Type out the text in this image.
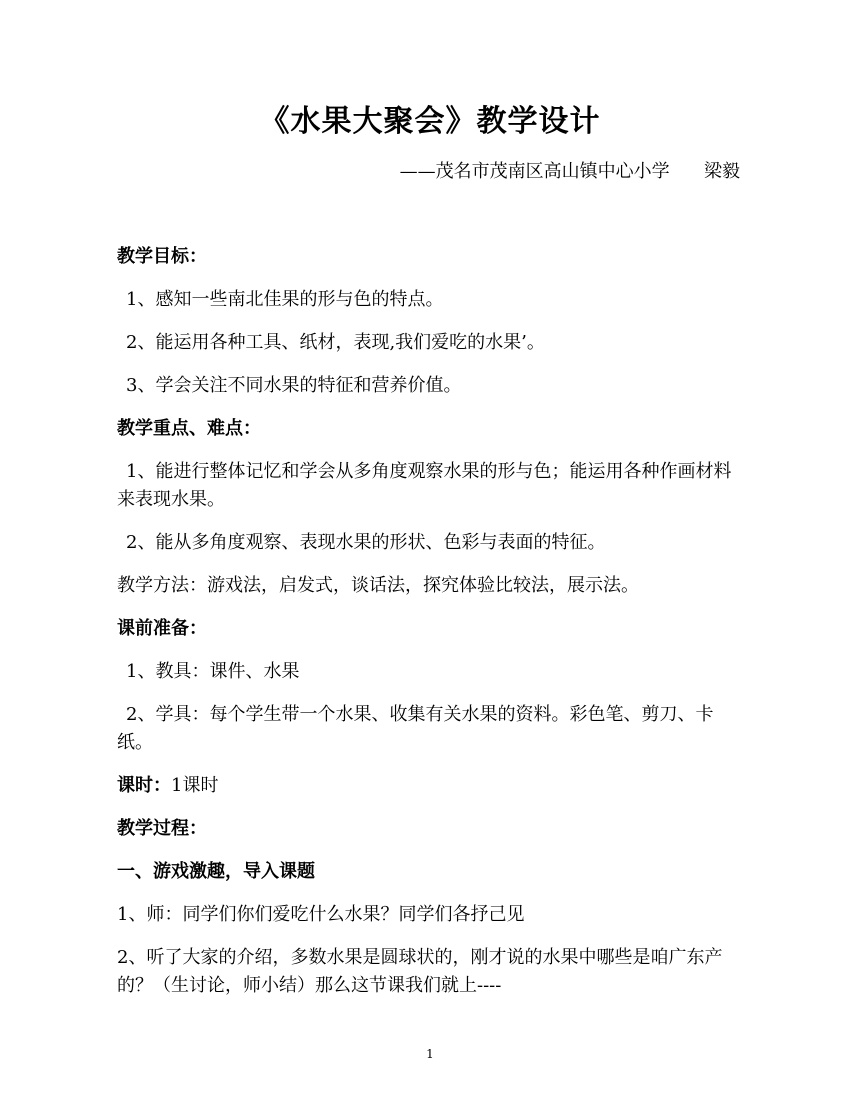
《水果大聚会》教学设计
——茂名市茂南区高山镇中心小学      梁毅
教学目标：
1、感知一些南北佳果的形与色的特点。
2、能运用各种工具、纸材，表现,我们爱吃的水果’。
3、学会关注不同水果的特征和营养价值。
教学重点、难点：
1、能进行整体记忆和学会从多角度观察水果的形与色；能运用各种作画材料来表现水果。
2、能从多角度观察、表现水果的形状、色彩与表面的特征。
教学方法：游戏法，启发式，谈话法，探究体验比较法，展示法。
课前准备：
1、教具：课件、水果
2、学具：每个学生带一个水果、收集有关水果的资料。彩色笔、剪刀、卡纸。
课时：1课时
教学过程：
一、游戏激趣，导入课题
1、师：同学们你们爱吃什么水果？同学们各抒己见
2、听了大家的介绍，多数水果是圆球状的，刚才说的水果中哪些是咱广东产的？（生讨论，师小结）那么这节课我们就上----
1
